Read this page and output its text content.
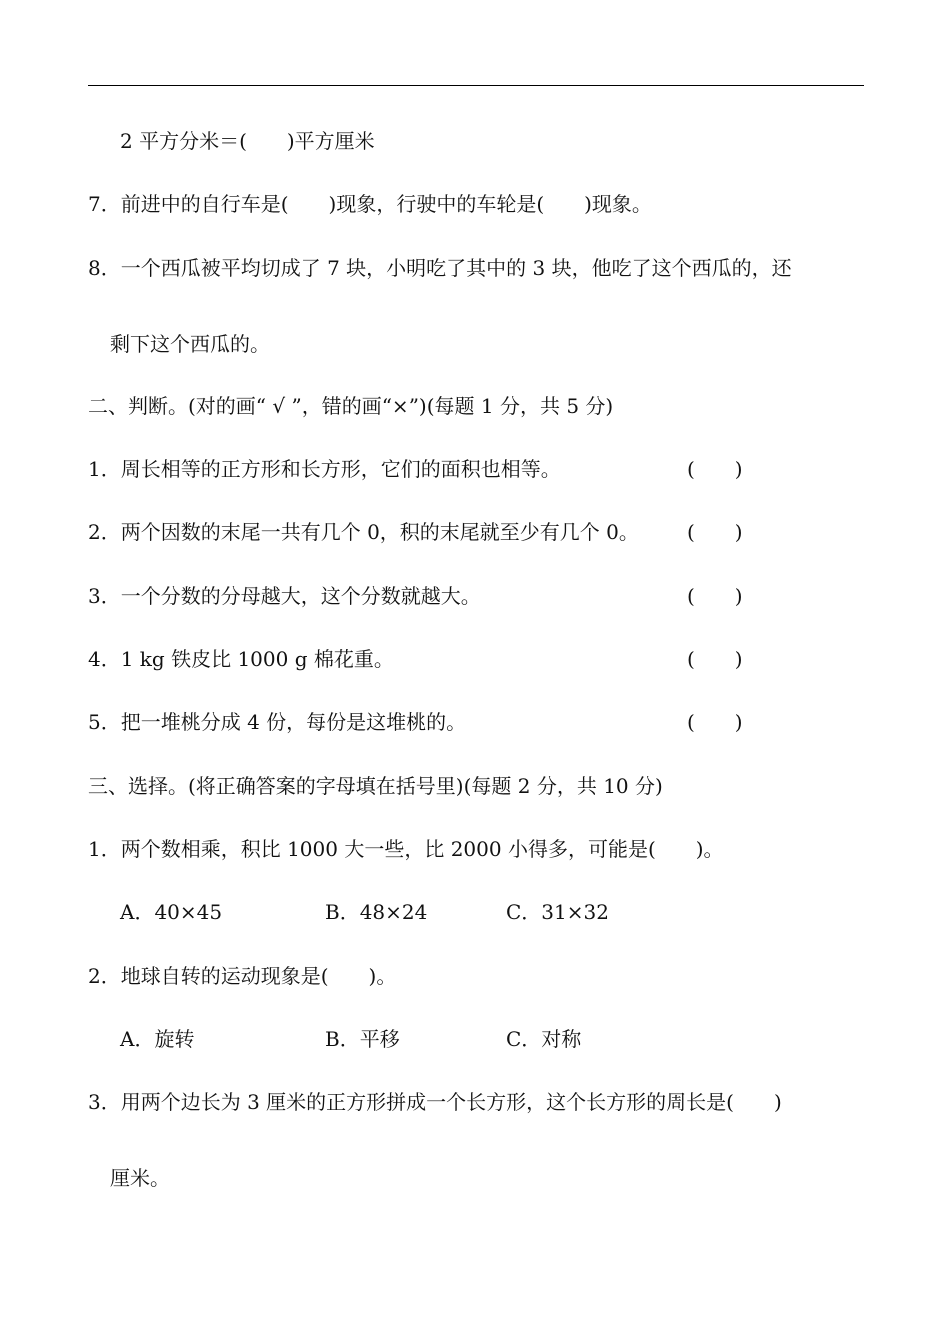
2 平方分米＝(　　)平方厘米
7．前进中的自行车是(　　)现象，行驶中的车轮是(　　)现象。
8．一个西瓜被平均切成了 7 块，小明吃了其中的 3 块，他吃了这个西瓜的，还
剩下这个西瓜的。
二、判断。(对的画“ √ ”，错的画“×”)(每题 1 分，共 5 分)
1．周长相等的正方形和长方形，它们的面积也相等。	(　　)
2．两个因数的末尾一共有几个 0，积的末尾就至少有几个 0。 (　　)
3．一个分数的分母越大，这个分数就越大。	(　　)
4．1 kg 铁皮比 1000 g 棉花重。	(　　)
5．把一堆桃分成 4 份，每份是这堆桃的。	(　　)
三、选择。(将正确答案的字母填在括号里)(每题 2 分，共 10 分)
1．两个数相乘，积比 1000 大一些，比 2000 小得多，可能是(　　)。
A．40×45	B．48×24	C．31×32
2．地球自转的运动现象是(　　)。
A．旋转	B．平移	C．对称
3．用两个边长为 3 厘米的正方形拼成一个长方形，这个长方形的周长是(　　)
厘米。
